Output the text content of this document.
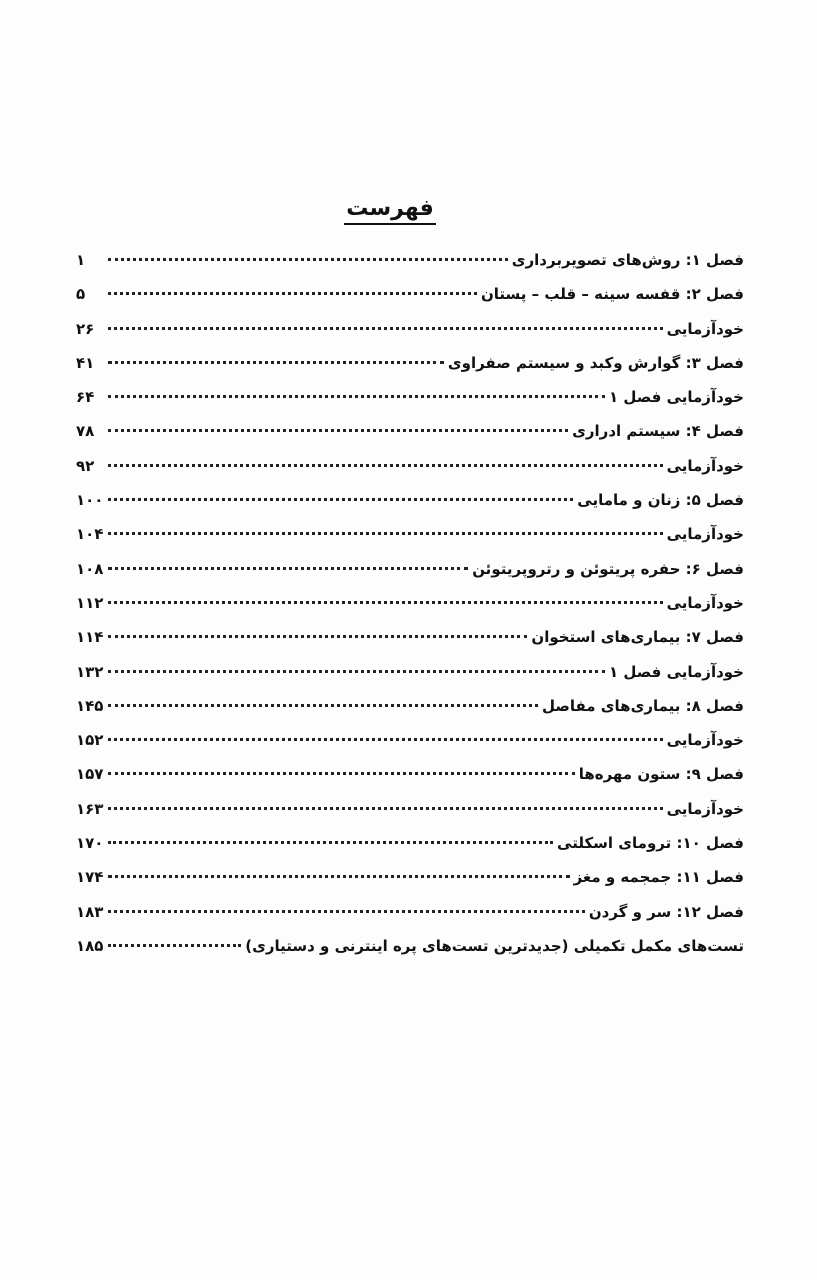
فهرست
فصل ۱: روش‌های تصویربرداری
۱
فصل ۲: قفسه سینه – قلب – پستان
۵
خودآزمایی
۲۶
فصل ۳: گوارش وکبد و سیستم صفراوی
۴۱
خودآزمایی فصل ۱
۶۴
فصل ۴: سیستم ادراری
۷۸
خودآزمایی
۹۲
فصل ۵: زنان و مامایی
۱۰۰
خودآزمایی
۱۰۴
فصل ۶: حفره پریتوئن و رتروپریتوئن
۱۰۸
خودآزمایی
۱۱۲
فصل ۷: بیماری‌های استخوان
۱۱۴
خودآزمایی فصل ۱
۱۳۲
فصل ۸: بیماری‌های مفاصل
۱۴۵
خودآزمایی
۱۵۲
فصل ۹: ستون مهره‌ها
۱۵۷
خودآزمایی
۱۶۳
فصل ۱۰: ترومای اسکلتی
۱۷۰
فصل ۱۱: جمجمه و مغز
۱۷۴
فصل ۱۲: سر و گردن
۱۸۳
تست‌های مکمل تکمیلی (جدیدترین تست‌های پره اینترنی و دستیاری)
۱۸۵
